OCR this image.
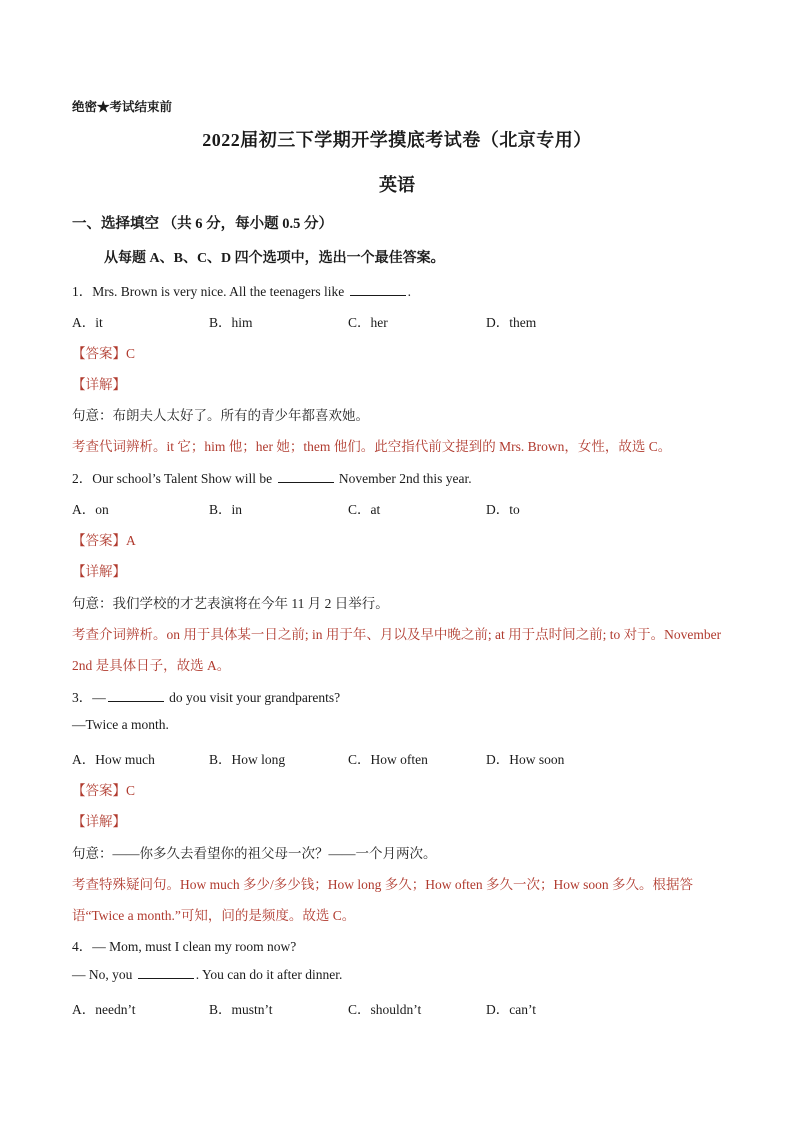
绝密★考试结束前
2022届初三下学期开学摸底考试卷（北京专用）
英语
一、选择填空 （共 6 分，每小题 0.5 分）
从每题 A、B、C、D 四个选项中，选出一个最佳答案。
1．Mrs. Brown is very nice. All the teenagers like	.
A．it	B．him	C．her	D．them
【答案】C
【详解】
句意：布朗夫人太好了。所有的青少年都喜欢她。
考查代词辨析。it 它；him 他；her 她；them 他们。此空指代前文提到的 Mrs. Brown，女性，故选 C。
2．Our school’s Talent Show will be	November 2nd this year.
A．on	B．in	C．at	D．to
【答案】A
【详解】
句意：我们学校的才艺表演将在今年 11 月 2 日举行。
考查介词辨析。on 用于具体某一日之前; in 用于年、月以及早中晚之前; at 用于点时间之前; to 对于。November
2nd 是具体日子，故选 A。
3．—	do you visit your grandparents?
—Twice a month.
A．How much	B．How long	C．How often	D．How soon
【答案】C
【详解】
句意：——你多久去看望你的祖父母一次？——一个月两次。
考查特殊疑问句。How much 多少/多少钱；How long 多久；How often 多久一次；How soon 多久。根据答
语“Twice a month.”可知，问的是频度。故选 C。
4．— Mom, must I clean my room now?
— No, you	. You can do it after dinner.
A．needn’t	B．mustn’t	C．shouldn’t	D．can’t
